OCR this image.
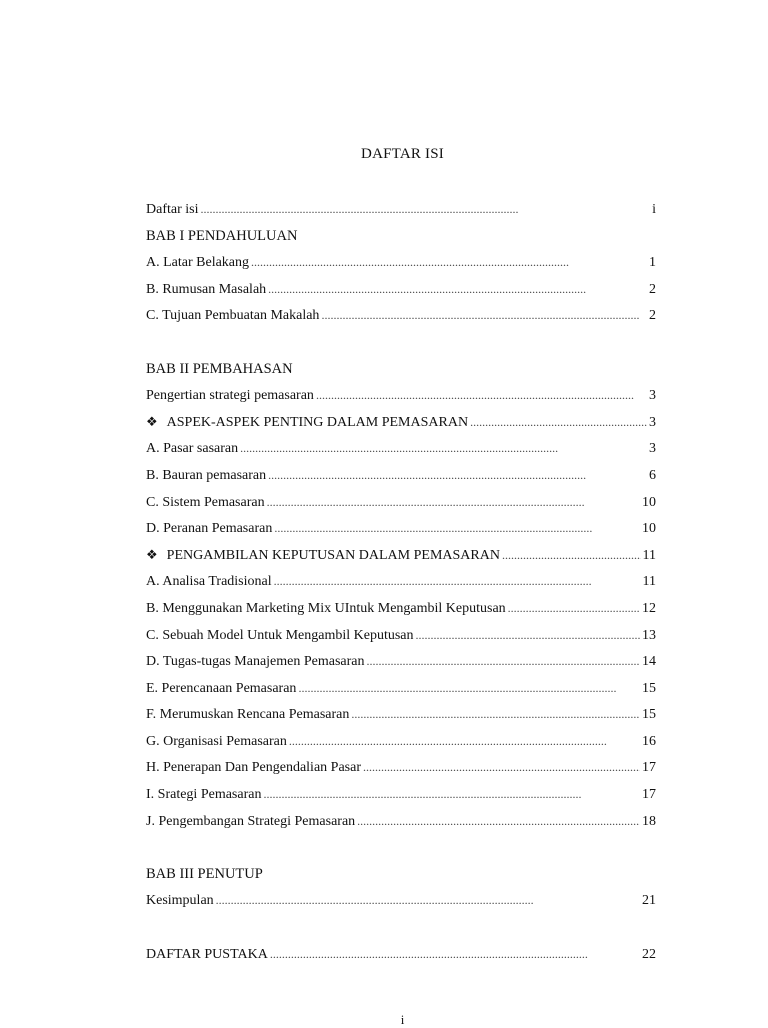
DAFTAR ISI
Daftar isi . . .	i
BAB I PENDAHULUAN
A. Latar Belakang . . .	1
B. Rumusan Masalah . . .	2
C. Tujuan Pembuatan Makalah . . .	2
BAB II PEMBAHASAN
Pengertian strategi pemasaran . . .	3
❖ ASPEK-ASPEK PENTING DALAM PEMASARAN . . .	3
A. Pasar sasaran . . .	3
B. Bauran pemasaran . . .	6
C. Sistem Pemasaran . . .	10
D. Peranan Pemasaran . . .	10
❖ PENGAMBILAN KEPUTUSAN DALAM PEMASARAN . . .	11
A. Analisa Tradisional . . .	11
B. Menggunakan Marketing Mix UIntuk Mengambil Keputusan . . .	12
C. Sebuah Model Untuk Mengambil Keputusan . . .	13
D. Tugas-tugas Manajemen Pemasaran . . .	14
E. Perencanaan Pemasaran . . .	15
F. Merumuskan Rencana Pemasaran . . .	15
G. Organisasi Pemasaran . . .	16
H. Penerapan Dan Pengendalian Pasar . . .	17
I. Srategi Pemasaran . . .	17
J. Pengembangan Strategi Pemasaran . . .	18
BAB III PENUTUP
Kesimpulan . . .	21
DAFTAR PUSTAKA . . .	22
i
